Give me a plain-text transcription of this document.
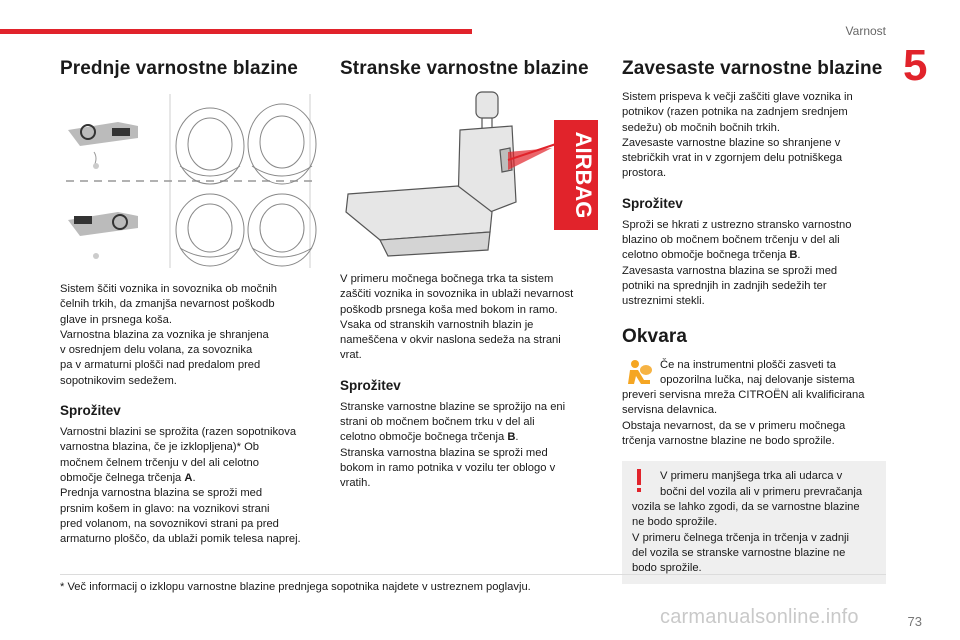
Varnost
5
Prednje varnostne blazine

Sistem ščiti voznika in sovoznika ob močnih
čelnih trkih, da zmanjša nevarnost poškodb
glave in prsnega koša.
Varnostna blazina za voznika je shranjena
v osrednjem delu volana, za sovoznika
pa v armaturni plošči nad predalom pred
sopotnikovim sedežem.

Sprožitev

Varnostni blazini se sprožita (razen sopotnikova
varnostna blazina, če je izklopljena)* Ob
močnem čelnem trčenju v del ali celotno
območje čelnega trčenja A.
Prednja varnostna blazina se sproži med
prsnim košem in glavo: na voznikovi strani
pred volanom, na sovoznikovi strani pa pred
armaturno ploščo, da ublaži pomik telesa naprej.

Stranske varnostne blazine
AIRBAG

V primeru močnega bočnega trka ta sistem
zaščiti voznika in sovoznika in ublaži nevarnost
poškodb prsnega koša med bokom in ramo.
Vsaka od stranskih varnostnih blazin je
nameščena v okvir naslona sedeža na strani
vrat.

Sprožitev

Stranske varnostne blazine se sprožijo na eni
strani ob močnem bočnem trku v del ali
celotno območje bočnega trčenja B.
Stranska varnostna blazina se sproži med
bokom in ramo potnika v vozilu ter oblogo v
vratih.

Zavesaste varnostne blazine

Sistem prispeva k večji zaščiti glave voznika in
potnikov (razen potnika na zadnjem srednjem
sedežu) ob močnih bočnih trkih.
Zavesaste varnostne blazine so shranjene v
stebričkih vrat in v zgornjem delu potniškega
prostora.

Sprožitev

Sproži se hkrati z ustrezno stransko varnostno
blazino ob močnem bočnem trčenju v del ali
celotno območje bočnega trčenja B.
Zavesasta varnostna blazina se sproži med
potniki na sprednjih in zadnjih sedežih ter
ustreznimi stekli.

Okvara

Če na instrumentni plošči zasveti ta
opozorilna lučka, naj delovanje sistema
preveri servisna mreža CITROËN ali kvalificirana
servisna delavnica.
Obstaja nevarnost, da se v primeru močnega
trčenja varnostne blazine ne bodo sprožile.

V primeru manjšega trka ali udarca v
bočni del vozila ali v primeru prevračanja
vozila se lahko zgodi, da se varnostne blazine
ne bodo sprožile.
V primeru čelnega trčenja in trčenja v zadnji
del vozila se stranske varnostne blazine ne
bodo sprožile.

* Več informacij o izklopu varnostne blazine prednjega sopotnika najdete v ustreznem poglavju.
carmanualsonline.info	73
